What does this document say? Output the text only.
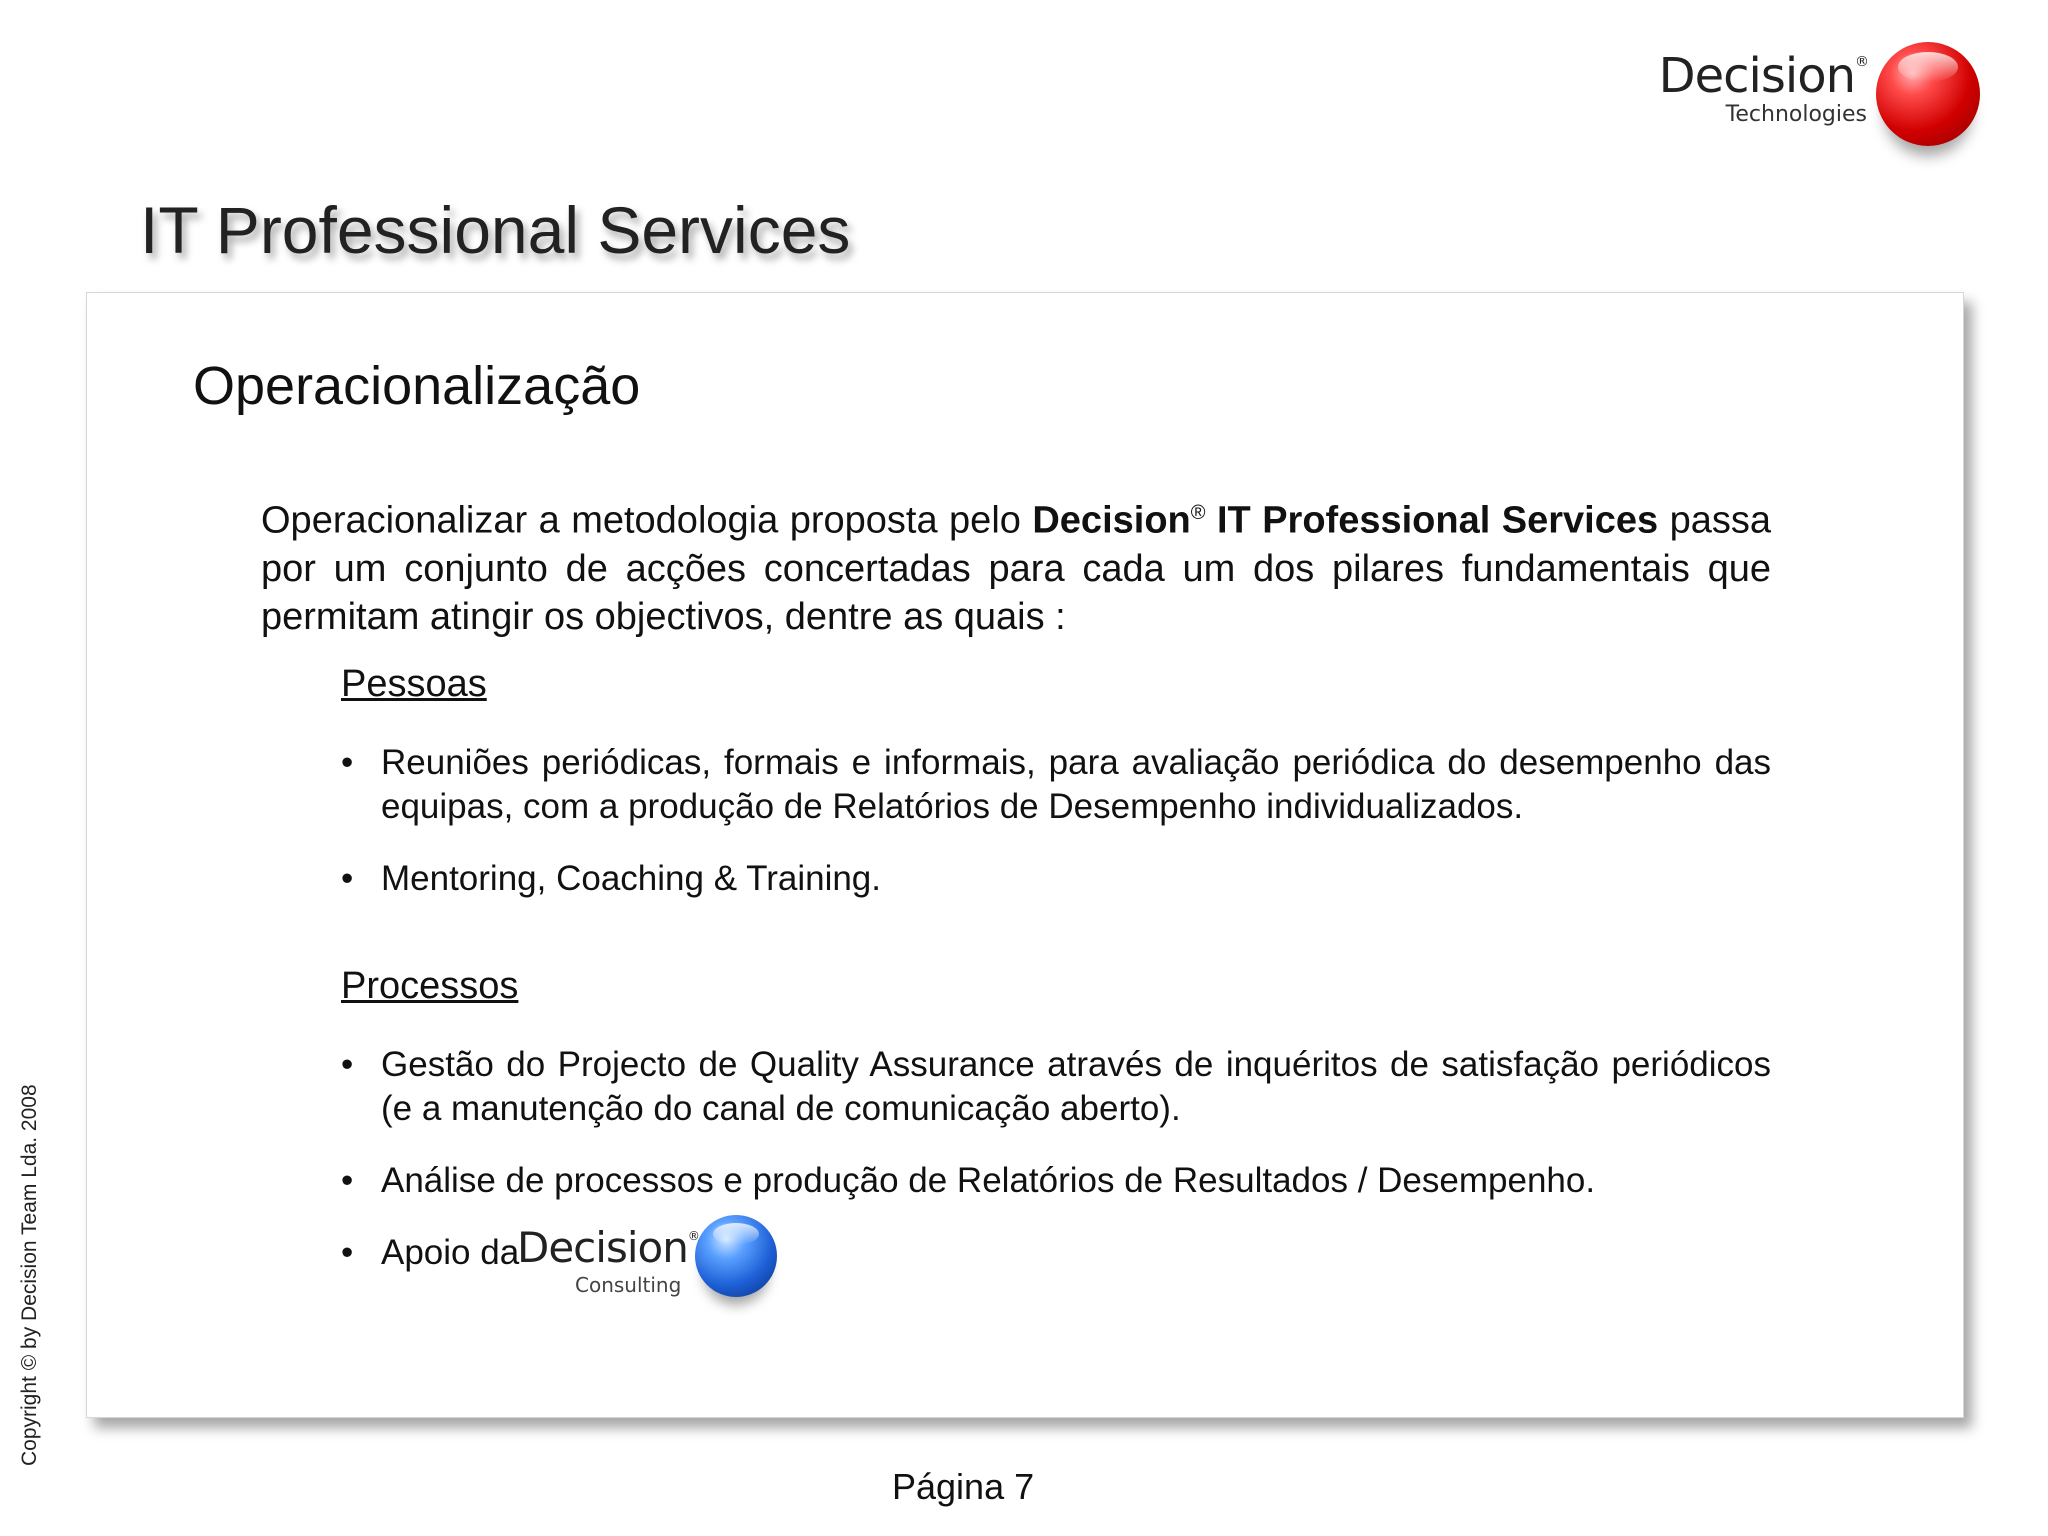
Decision®
Technologies
IT Professional Services
Operacionalização
Operacionalizar a metodologia proposta pelo Decision® IT Professional Services passa por um conjunto de acções concertadas para cada um dos pilares fundamentais que permitam atingir os objectivos, dentre as quais :
Pessoas
• Reuniões periódicas, formais e informais, para avaliação periódica do desempenho das equipas, com a produção de Relatórios de Desempenho individualizados.
• Mentoring, Coaching & Training.
Processos
• Gestão do Projecto de Quality Assurance através de inquéritos de satisfação periódicos (e a manutenção do canal de comunicação aberto).
• Análise de processos e produção de Relatórios de Resultados / Desempenho.
• Apoio da
Decision®
Consulting
Copyright © by Decision Team Lda. 2008
Página 7
